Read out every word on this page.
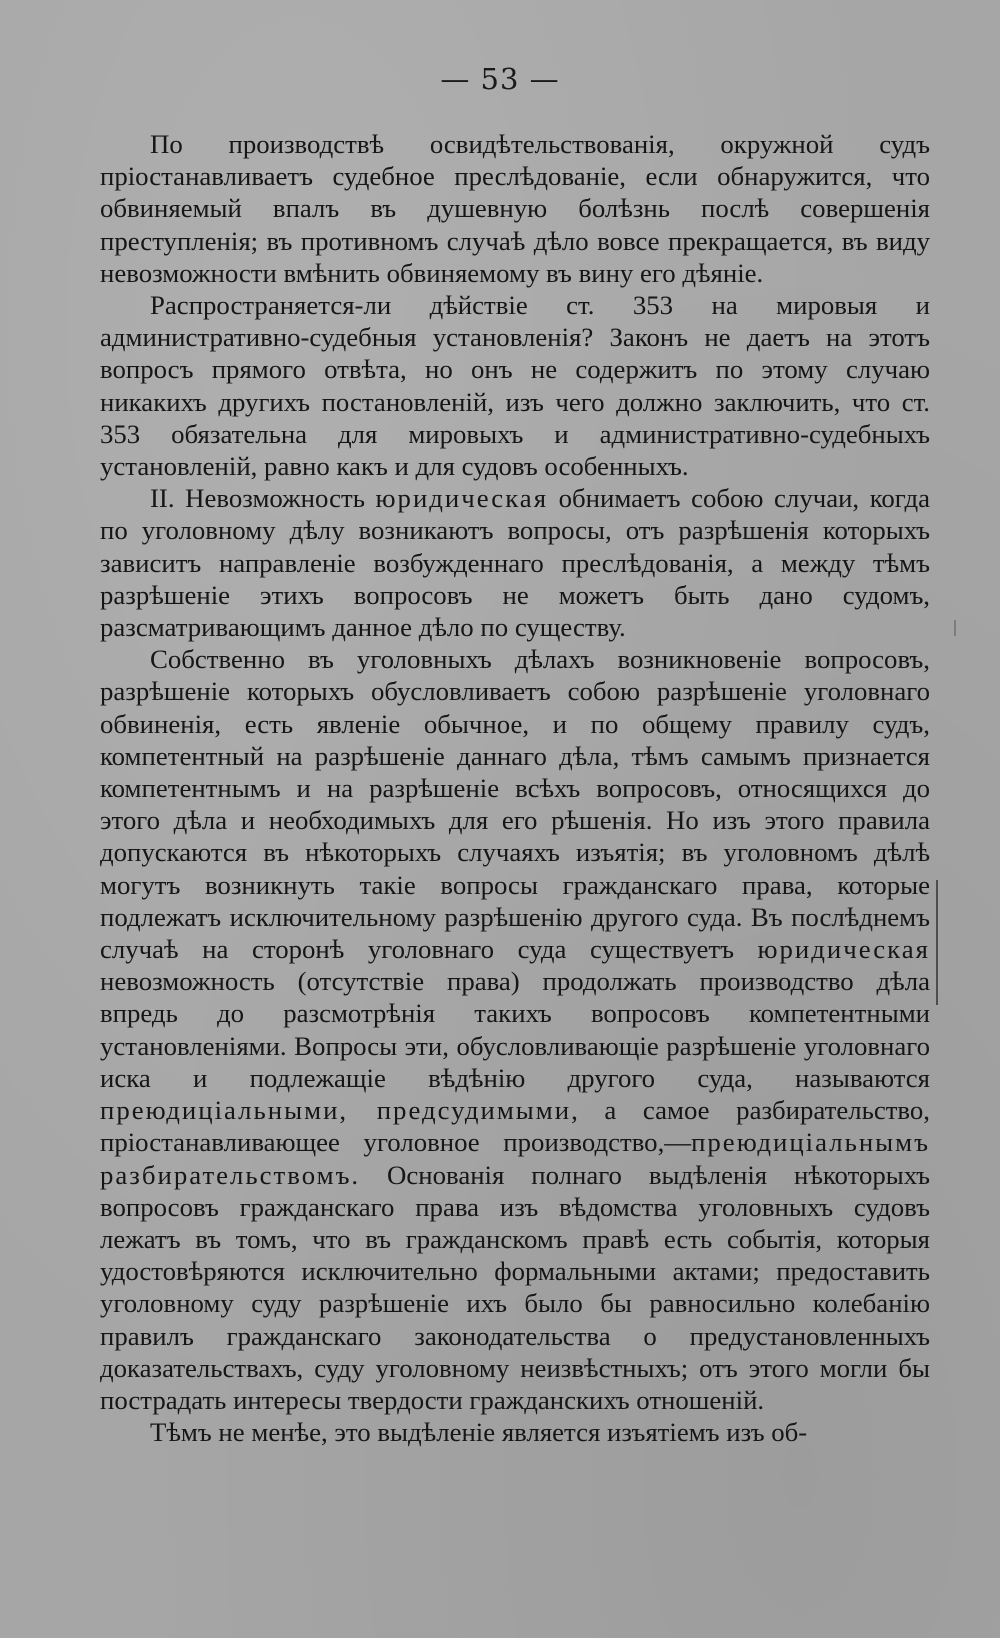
— 53 —

По производствѣ освидѣтельствованія, окружной судъ пріостанавливаетъ судебное преслѣдованіе, если обнаружится, что обвиняемый впалъ въ душевную болѣзнь послѣ совершенія преступленія; въ противномъ случаѣ дѣло вовсе прекращается, въ виду невозможности вмѣнить обвиняемому въ вину его дѣяніе.

Распространяется-ли дѣйствіе ст. 353 на мировыя и административно-судебныя установленія? Законъ не даетъ на этотъ вопросъ прямого отвѣта, но онъ не содержитъ по этому случаю никакихъ другихъ постановленій, изъ чего должно заключить, что ст. 353 обязательна для мировыхъ и административно-судебныхъ установленій, равно какъ и для судовъ особенныхъ.

II. Невозможность юридическая обнимаетъ собою случаи, когда по уголовному дѣлу возникаютъ вопросы, отъ разрѣшенія которыхъ зависитъ направленіе возбужденнаго преслѣдованія, а между тѣмъ разрѣшеніе этихъ вопросовъ не можетъ быть дано судомъ, разсматривающимъ данное дѣло по существу.

Собственно въ уголовныхъ дѣлахъ возникновеніе вопросовъ, разрѣшеніе которыхъ обусловливаетъ собою разрѣшеніе уголовнаго обвиненія, есть явленіе обычное, и по общему правилу судъ, компетентный на разрѣшеніе даннаго дѣла, тѣмъ самымъ признается компетентнымъ и на разрѣшеніе всѣхъ вопросовъ, относящихся до этого дѣла и необходимыхъ для его рѣшенія. Но изъ этого правила допускаются въ нѣкоторыхъ случаяхъ изъятія; въ уголовномъ дѣлѣ могутъ возникнуть такіе вопросы гражданскаго права, которые подлежатъ исключительному разрѣшенію другого суда. Въ послѣднемъ случаѣ на сторонѣ уголовнаго суда существуетъ юридическая невозможность (отсутствіе права) продолжать производство дѣла впредь до разсмотрѣнія такихъ вопросовъ компетентными установленіями. Вопросы эти, обусловливающіе разрѣшеніе уголовнаго иска и подлежащіе вѣдѣнію другого суда, называются преюдиціальными, предсудимыми, а самое разбирательство, пріостанавливающее уголовное производство,—преюдиціальнымъ разбирательствомъ. Основанія полнаго выдѣленія нѣкоторыхъ вопросовъ гражданскаго права изъ вѣдомства уголовныхъ судовъ лежатъ въ томъ, что въ гражданскомъ правѣ есть событія, которыя удостовѣряются исключительно формальными актами; предоставить уголовному суду разрѣшеніе ихъ было бы равносильно колебанію правилъ гражданскаго законодательства о предустановленныхъ доказательствахъ, суду уголовному неизвѣстныхъ; отъ этого могли бы пострадать интересы твердости гражданскихъ отношеній.

Тѣмъ не менѣе, это выдѣленіе является изъятіемъ изъ об-
